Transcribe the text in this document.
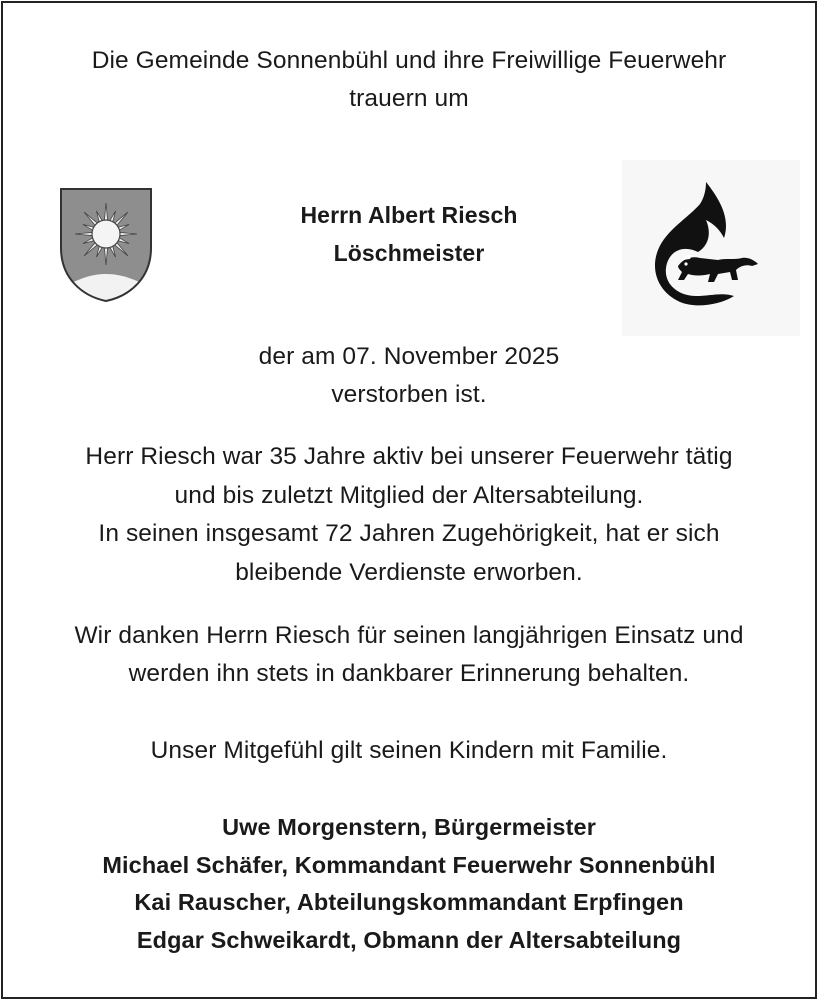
Die Gemeinde Sonnenbühl und ihre Freiwillige Feuerwehr
trauern um
Herrn Albert Riesch
Löschmeister
der am 07. November 2025
verstorben ist.
Herr Riesch war 35 Jahre aktiv bei unserer Feuerwehr tätig
und bis zuletzt Mitglied der Altersabteilung.
In seinen insgesamt 72 Jahren Zugehörigkeit, hat er sich
bleibende Verdienste erworben.
Wir danken Herrn Riesch für seinen langjährigen Einsatz und
werden ihn stets in dankbarer Erinnerung behalten.
Unser Mitgefühl gilt seinen Kindern mit Familie.
Uwe Morgenstern, Bürgermeister
Michael Schäfer, Kommandant Feuerwehr Sonnenbühl
Kai Rauscher, Abteilungskommandant Erpfingen
Edgar Schweikardt, Obmann der Altersabteilung
